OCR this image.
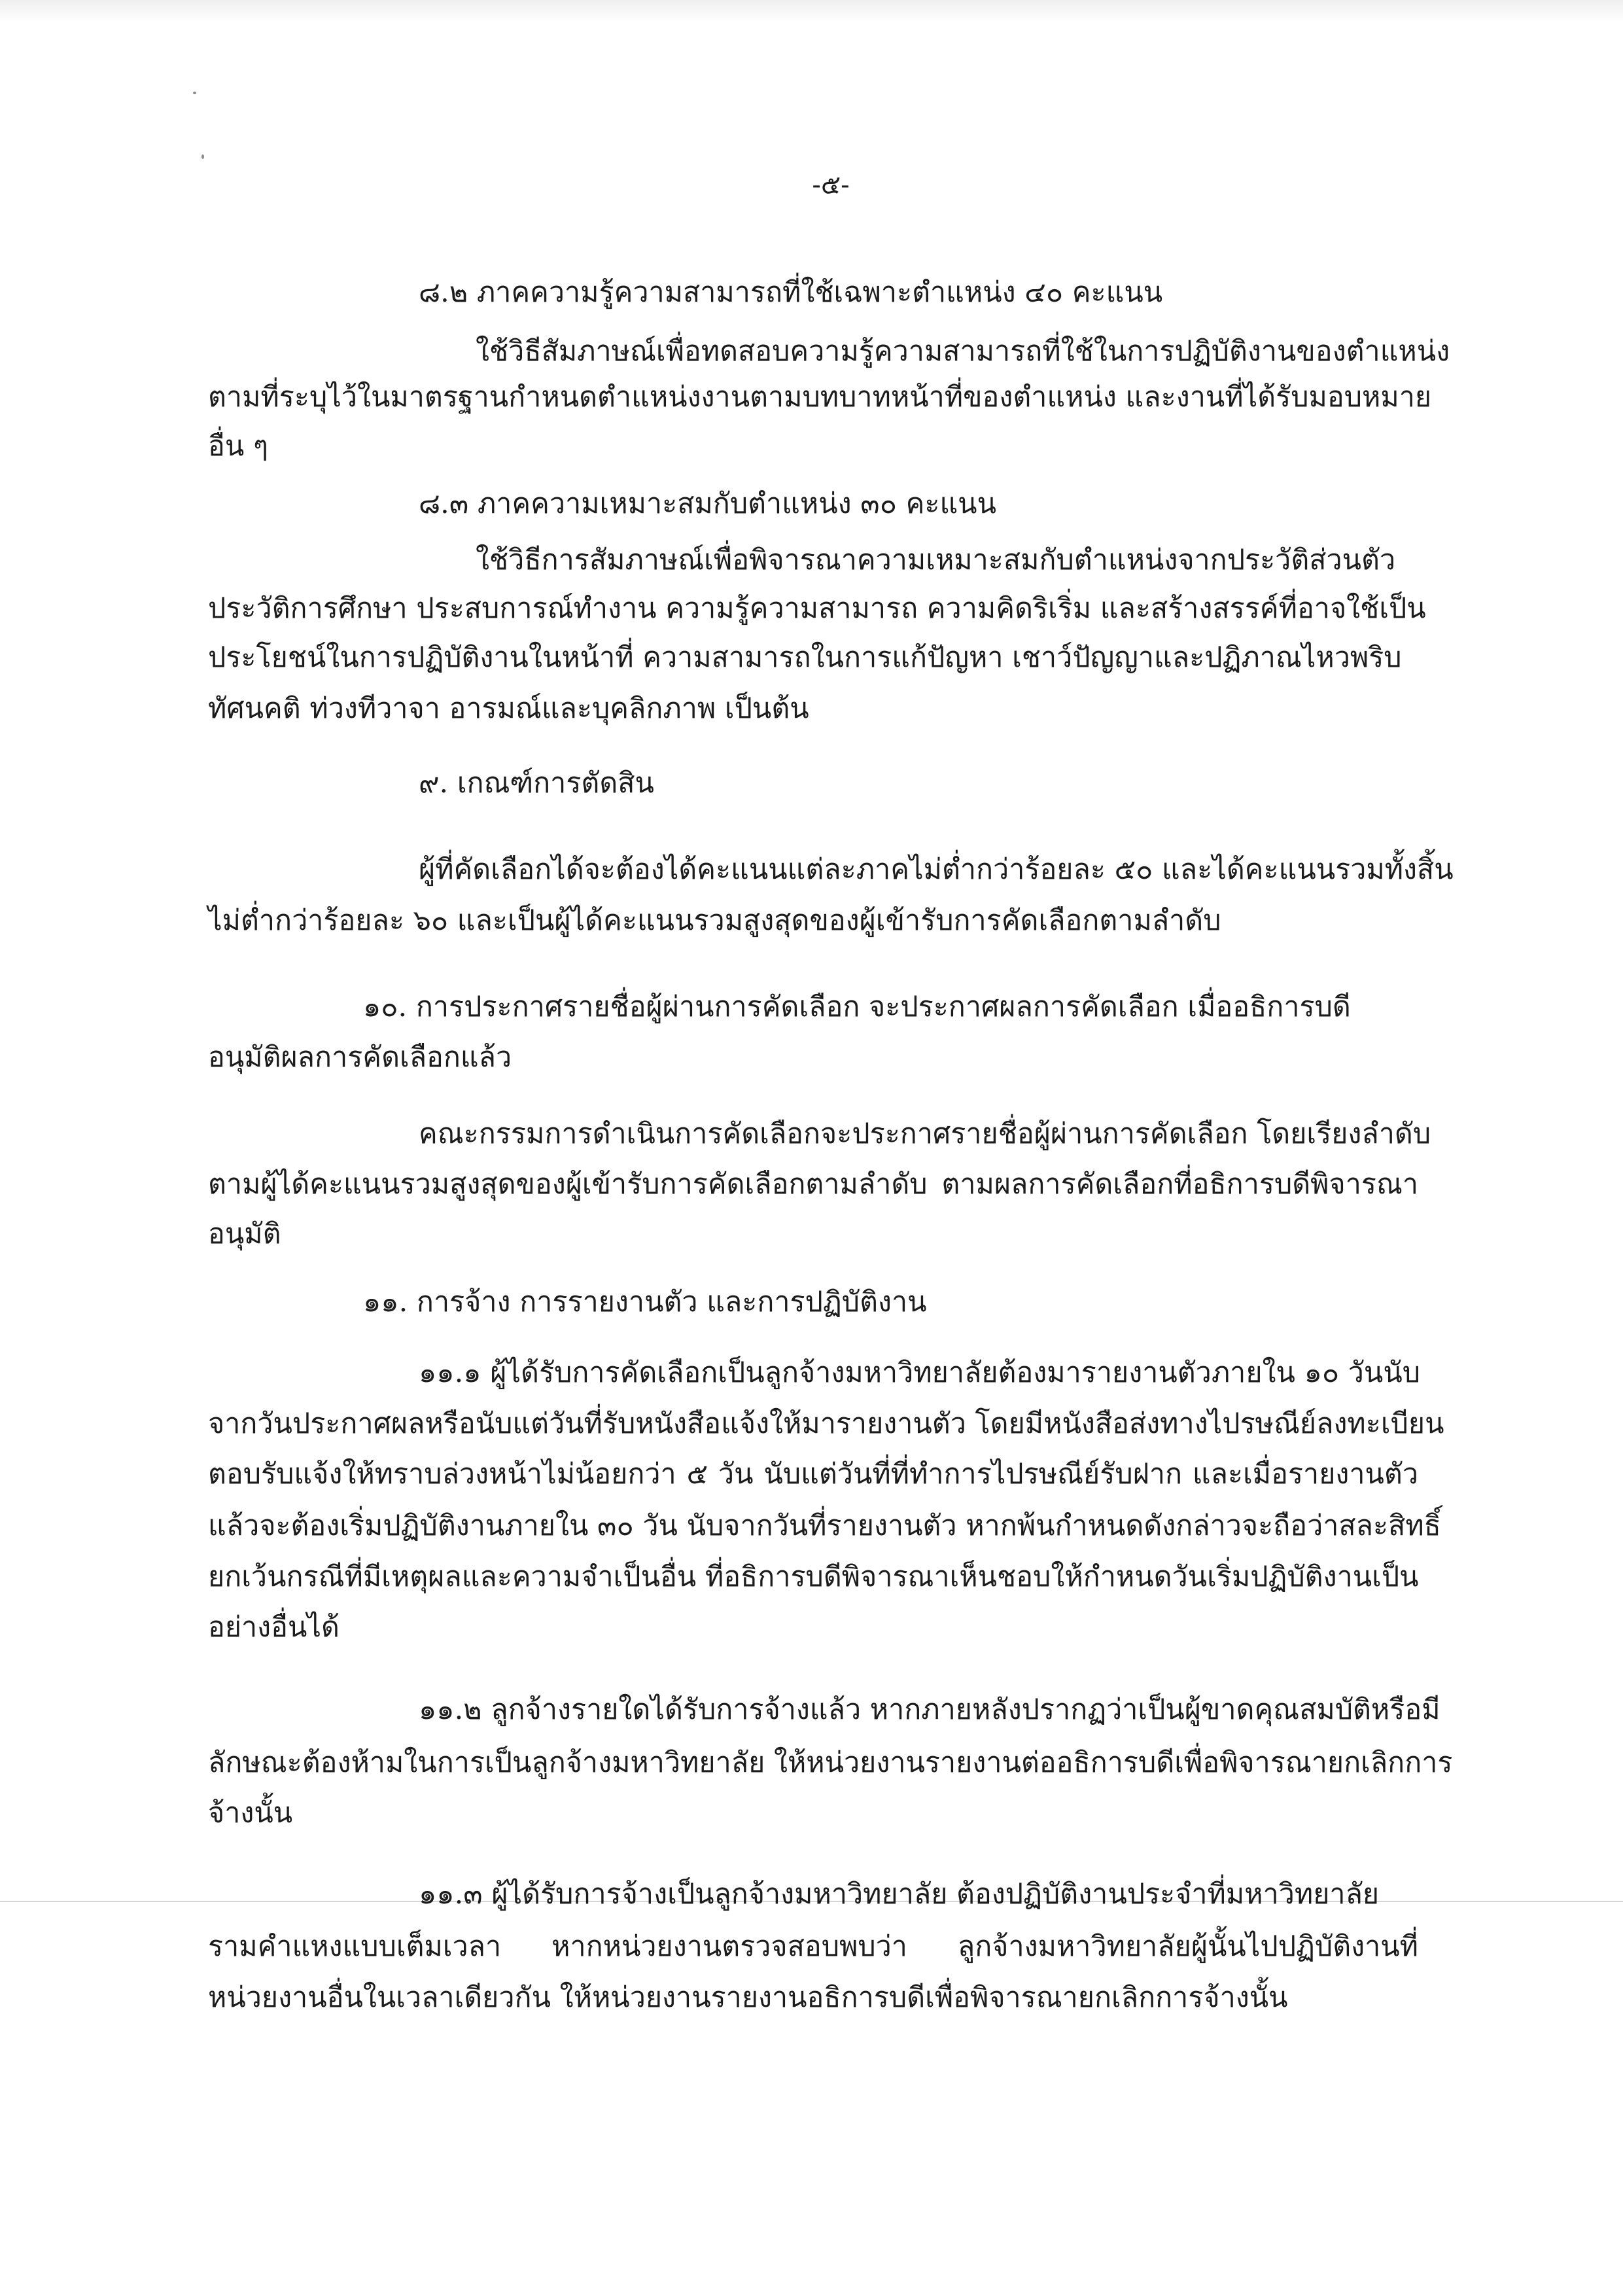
-๕-

๘.๒ ภาคความรู้ความสามารถที่ใช้เฉพาะตำแหน่ง ๔๐ คะแนน

ใช้วิธีสัมภาษณ์เพื่อทดสอบความรู้ความสามารถที่ใช้ในการปฏิบัติงานของตำแหน่ง

ตามที่ระบุไว้ในมาตรฐานกำหนดตำแหน่งงานตามบทบาทหน้าที่ของตำแหน่ง และงานที่ได้รับมอบหมาย

อื่น ๆ

๘.๓ ภาคความเหมาะสมกับตำแหน่ง ๓๐ คะแนน

ใช้วิธีการสัมภาษณ์เพื่อพิจารณาความเหมาะสมกับตำแหน่งจากประวัติส่วนตัว

ประวัติการศึกษา ประสบการณ์ทำงาน ความรู้ความสามารถ ความคิดริเริ่ม และสร้างสรรค์ที่อาจใช้เป็น

ประโยชน์ในการปฏิบัติงานในหน้าที่ ความสามารถในการแก้ปัญหา เชาว์ปัญญาและปฏิภาณไหวพริบ

ทัศนคติ ท่วงทีวาจา อารมณ์และบุคลิกภาพ เป็นต้น

๙. เกณฑ์การตัดสิน

ผู้ที่คัดเลือกได้จะต้องได้คะแนนแต่ละภาคไม่ต่ำกว่าร้อยละ ๕๐ และได้คะแนนรวมทั้งสิ้น

ไม่ต่ำกว่าร้อยละ ๖๐ และเป็นผู้ได้คะแนนรวมสูงสุดของผู้เข้ารับการคัดเลือกตามลำดับ

๑๐. การประกาศรายชื่อผู้ผ่านการคัดเลือก จะประกาศผลการคัดเลือก เมื่ออธิการบดี

อนุมัติผลการคัดเลือกแล้ว

คณะกรรมการดำเนินการคัดเลือกจะประกาศรายชื่อผู้ผ่านการคัดเลือก โดยเรียงลำดับ

ตามผู้ได้คะแนนรวมสูงสุดของผู้เข้ารับการคัดเลือกตามลำดับ ตามผลการคัดเลือกที่อธิการบดีพิจารณา

อนุมัติ

๑๑. การจ้าง การรายงานตัว และการปฏิบัติงาน

๑๑.๑ ผู้ได้รับการคัดเลือกเป็นลูกจ้างมหาวิทยาลัยต้องมารายงานตัวภายใน ๑๐ วันนับ

จากวันประกาศผลหรือนับแต่วันที่รับหนังสือแจ้งให้มารายงานตัว โดยมีหนังสือส่งทางไปรษณีย์ลงทะเบียน

ตอบรับแจ้งให้ทราบล่วงหน้าไม่น้อยกว่า ๕ วัน นับแต่วันที่ที่ทำการไปรษณีย์รับฝาก และเมื่อรายงานตัว

แล้วจะต้องเริ่มปฏิบัติงานภายใน ๓๐ วัน นับจากวันที่รายงานตัว หากพ้นกำหนดดังกล่าวจะถือว่าสละสิทธิ์

ยกเว้นกรณีที่มีเหตุผลและความจำเป็นอื่น ที่อธิการบดีพิจารณาเห็นชอบให้กำหนดวันเริ่มปฏิบัติงานเป็น

อย่างอื่นได้

๑๑.๒ ลูกจ้างรายใดได้รับการจ้างแล้ว หากภายหลังปรากฏว่าเป็นผู้ขาดคุณสมบัติหรือมี

ลักษณะต้องห้ามในการเป็นลูกจ้างมหาวิทยาลัย ให้หน่วยงานรายงานต่ออธิการบดีเพื่อพิจารณายกเลิกการ

จ้างนั้น

๑๑.๓ ผู้ได้รับการจ้างเป็นลูกจ้างมหาวิทยาลัย ต้องปฏิบัติงานประจำที่มหาวิทยาลัย

รามคำแหงแบบเต็มเวลา หากหน่วยงานตรวจสอบพบว่า ลูกจ้างมหาวิทยาลัยผู้นั้นไปปฏิบัติงานที่

หน่วยงานอื่นในเวลาเดียวกัน ให้หน่วยงานรายงานอธิการบดีเพื่อพิจารณายกเลิกการจ้างนั้น
